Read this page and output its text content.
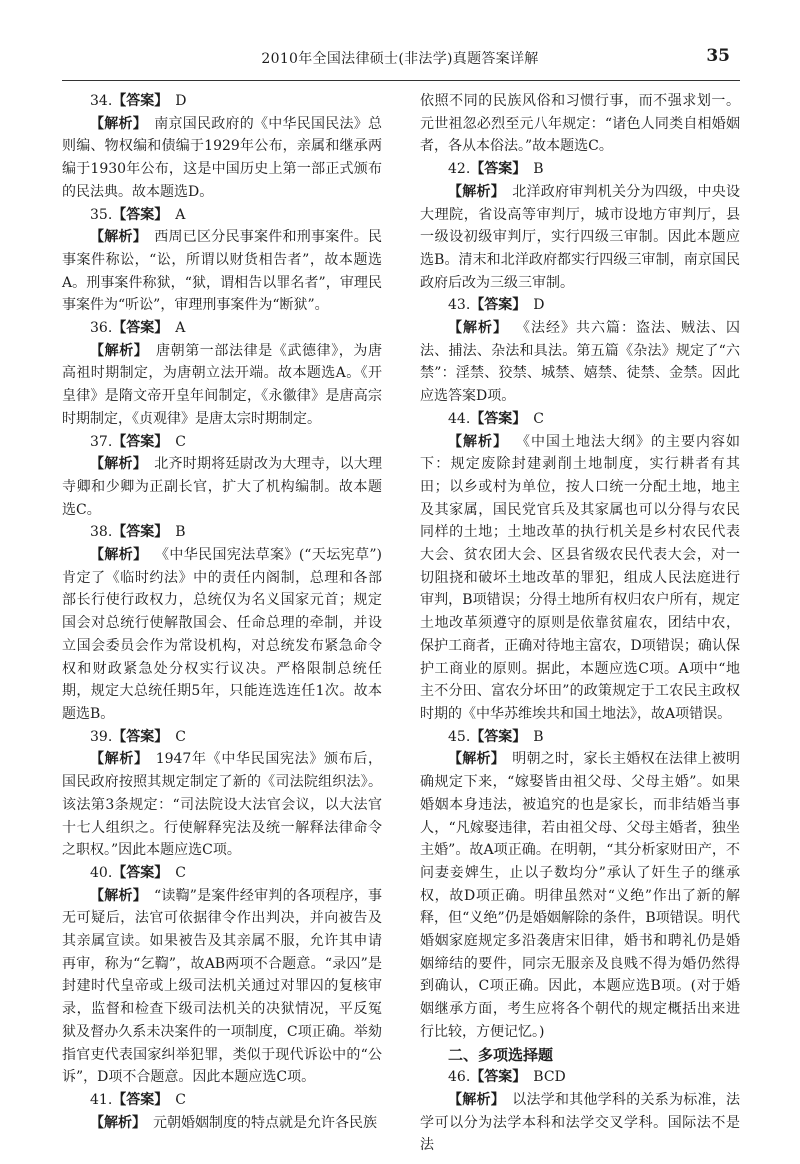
2010年全国法律硕士(非法学)真题答案详解	35

34.【答案】  D

【解析】  南京国民政府的《中华民国民法》总则编、物权编和债编于1929年公布，亲属和继承两编于1930年公布，这是中国历史上第一部正式颁布的民法典。故本题选D。

35.【答案】  A

【解析】  西周已区分民事案件和刑事案件。民事案件称讼，“讼，所谓以财货相告者”，故本题选A。刑事案件称狱，“狱，谓相告以罪名者”，审理民事案件为“听讼”，审理刑事案件为“断狱”。

36.【答案】  A

【解析】  唐朝第一部法律是《武德律》，为唐高祖时期制定，为唐朝立法开端。故本题选A。《开皇律》是隋文帝开皇年间制定，《永徽律》是唐高宗时期制定，《贞观律》是唐太宗时期制定。

37.【答案】  C

【解析】  北齐时期将廷尉改为大理寺，以大理寺卿和少卿为正副长官，扩大了机构编制。故本题选C。

38.【答案】  B

【解析】  《中华民国宪法草案》(“天坛宪草”)肯定了《临时约法》中的责任内阁制，总理和各部部长行使行政权力，总统仅为名义国家元首；规定国会对总统行使解散国会、任命总理的牵制，并设立国会委员会作为常设机构，对总统发布紧急命令权和财政紧急处分权实行议决。严格限制总统任期，规定大总统任期5年，只能连选连任1次。故本题选B。

39.【答案】  C

【解析】  1947年《中华民国宪法》颁布后，国民政府按照其规定制定了新的《司法院组织法》。该法第3条规定：“司法院设大法官会议，以大法官十七人组织之。行使解释宪法及统一解释法律命令之职权。”因此本题应选C项。

40.【答案】  C

【解析】  “读鞫”是案件经审判的各项程序，事无可疑后，法官可依据律令作出判决，并向被告及其亲属宣读。如果被告及其亲属不服，允许其申请再审，称为“乞鞫”，故AB两项不合题意。“录囚”是封建时代皇帝或上级司法机关通过对罪囚的复核审录，监督和检查下级司法机关的决狱情况，平反冤狱及督办久系未决案件的一项制度，C项正确。举劾指官吏代表国家纠举犯罪，类似于现代诉讼中的“公诉”，D项不合题意。因此本题应选C项。

41.【答案】  C

【解析】  元朝婚姻制度的特点就是允许各民族

依照不同的民族风俗和习惯行事，而不强求划一。元世祖忽必烈至元八年规定：“诸色人同类自相婚姻者，各从本俗法。”故本题选C。

42.【答案】  B

【解析】  北洋政府审判机关分为四级，中央设大理院，省设高等审判厅，城市设地方审判厅，县一级设初级审判厅，实行四级三审制。因此本题应选B。清末和北洋政府都实行四级三审制，南京国民政府后改为三级三审制。

43.【答案】  D

【解析】  《法经》共六篇：盗法、贼法、囚法、捕法、杂法和具法。第五篇《杂法》规定了“六禁”：淫禁、狡禁、城禁、嬉禁、徒禁、金禁。因此应选答案D项。

44.【答案】  C

【解析】  《中国土地法大纲》的主要内容如下：规定废除封建剥削土地制度，实行耕者有其田；以乡或村为单位，按人口统一分配土地，地主及其家属，国民党官兵及其家属也可以分得与农民同样的土地；土地改革的执行机关是乡村农民代表大会、贫农团大会、区县省级农民代表大会，对一切阻挠和破坏土地改革的罪犯，组成人民法庭进行审判，B项错误；分得土地所有权归农户所有，规定土地改革须遵守的原则是依靠贫雇农，团结中农，保护工商者，正确对待地主富农，D项错误；确认保护工商业的原则。据此，本题应选C项。A项中“地主不分田、富农分坏田”的政策规定于工农民主政权时期的《中华苏维埃共和国土地法》，故A项错误。

45.【答案】  B

【解析】  明朝之时，家长主婚权在法律上被明确规定下来，“嫁娶皆由祖父母、父母主婚”。如果婚姻本身违法，被追究的也是家长，而非结婚当事人，“凡嫁娶违律，若由祖父母、父母主婚者，独坐主婚”。故A项正确。在明朝，“其分析家财田产，不问妻妾婢生，止以子数均分”承认了奸生子的继承权，故D项正确。明律虽然对“义绝”作出了新的解释，但“义绝”仍是婚姻解除的条件，B项错误。明代婚姻家庭规定多沿袭唐宋旧律，婚书和聘礼仍是婚姻缔结的要件，同宗无服亲及良贱不得为婚仍然得到确认，C项正确。因此，本题应选B项。(对于婚姻继承方面，考生应将各个朝代的规定概括出来进行比较，方便记忆。)

二、多项选择题

46.【答案】  BCD

【解析】  以法学和其他学科的关系为标准，法学可以分为法学本科和法学交叉学科。国际法不是法
